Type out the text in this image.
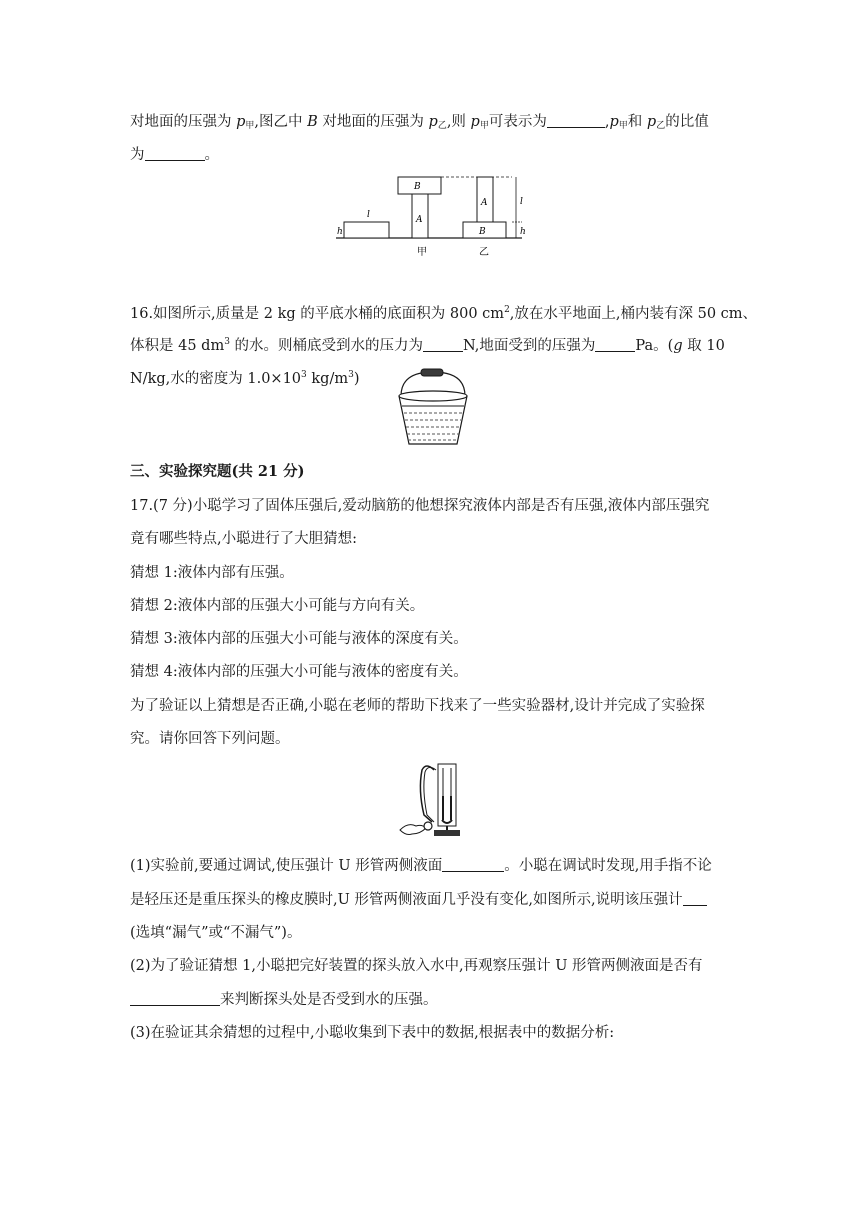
对地面的压强为 $p_甲$,图乙中 B 对地面的压强为 $p_乙$,则 $p_甲$可表示为	$,p_甲$和 $p_乙$的比值
为	。
l
h
A
B
B
A	l
h
甲	乙
16.如图所示,质量是 2 kg 的平底水桶的底面积为 800 $cm^2$,放在水平地面上,桶内装有深 50 cm、
体积是 45 $dm^3$ 的水。则桶底受到水的压力为	N,地面受到的压强为	Pa。(g 取 10
N/kg,水的密度为 $1.0\times 10^3$ $kg/m^3$)
三、实验探究题(共 21 分)
17.(7 分)小聪学习了固体压强后,爱动脑筋的他想探究液体内部是否有压强,液体内部压强究
竟有哪些特点,小聪进行了大胆猜想:
猜想 1:液体内部有压强。
猜想 2:液体内部的压强大小可能与方向有关。
猜想 3:液体内部的压强大小可能与液体的深度有关。
猜想 4:液体内部的压强大小可能与液体的密度有关。
为了验证以上猜想是否正确,小聪在老师的帮助下找来了一些实验器材,设计并完成了实验探
究。请你回答下列问题。
(1)实验前,要通过调试,使压强计 U 形管两侧液面	。小聪在调试时发现,用手指不论
是轻压还是重压探头的橡皮膜时,U 形管两侧液面几乎没有变化,如图所示,说明该压强计
(选填“漏气”或“不漏气”)。
(2)为了验证猜想 1,小聪把完好装置的探头放入水中,再观察压强计 U 形管两侧液面是否有
来判断探头处是否受到水的压强。
(3)在验证其余猜想的过程中,小聪收集到下表中的数据,根据表中的数据分析:
